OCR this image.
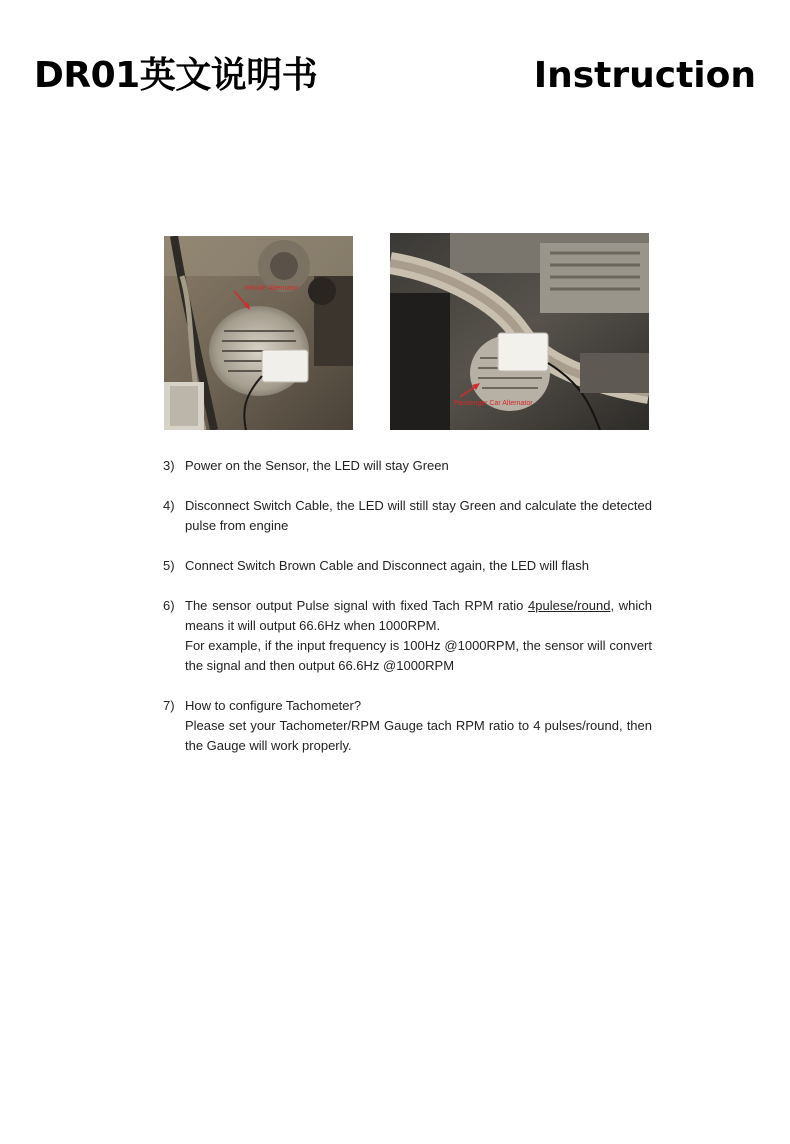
DR01英文说明书	Instruction
Vehicle Alternator
Passenger Car Alternator
3) Power on the Sensor, the LED will stay Green

4) Disconnect Switch Cable, the LED will still stay Green and calculate the detected pulse from engine

5) Connect Switch Brown Cable and Disconnect again, the LED will flash

6) The sensor output Pulse signal with fixed Tach RPM ratio 4pulese/round, which means it will output 66.6Hz when 1000RPM.

For example, if the input frequency is 100Hz @1000RPM, the sensor will convert the signal and then output 66.6Hz @1000RPM

7) How to configure Tachometer?

Please set your Tachometer/RPM Gauge tach RPM ratio to 4 pulses/round, then the Gauge will work properly.
